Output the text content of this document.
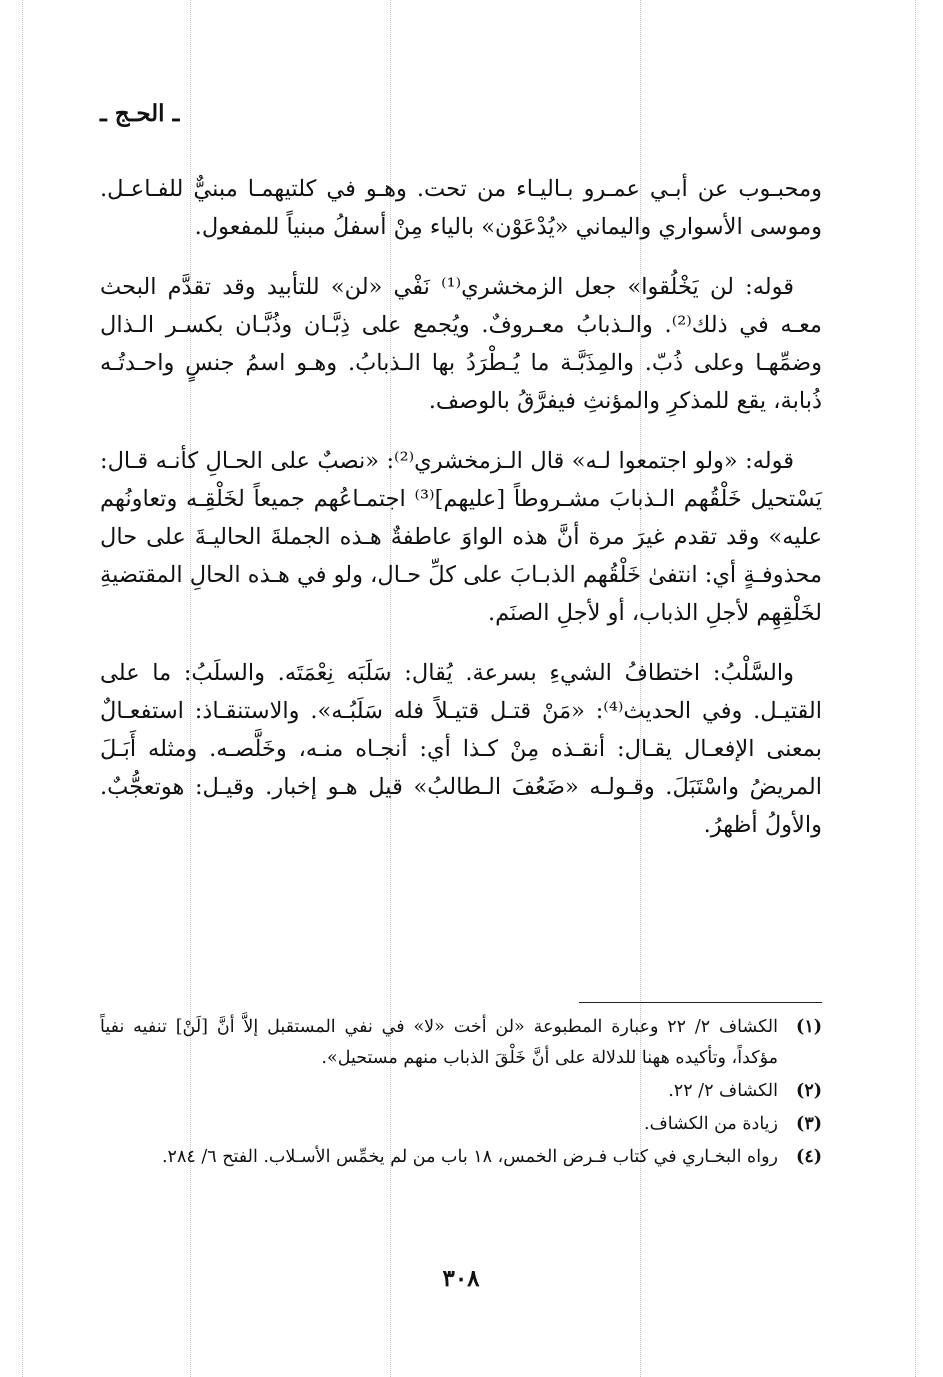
ـ الحـج ـ

ومحبـوب عن أبـي عمـرو بـاليـاء من تحت. وهـو في كلتيهمـا مبنيٌّ للفـاعـل. وموسى الأسواري واليماني «يُدْعَوْن» بالياء مِنْ أسفلُ مبنياً للمفعول.

قوله: لن يَخْلُقوا» جعل الزمخشري⁽¹⁾ نَفْي «لن» للتأبيد وقد تقدَّم البحث معـه في ذلك⁽²⁾. والـذبابُ معـروفٌ. ويُجمع على ذِبَّـان وذُبَّـان بكسـر الـذال وضمِّهـا وعلى ذُبّ. والمِذَبَّـة ما يُـطْرَدُ بها الـذبابُ. وهـو اسمُ جنسٍ واحـدتُـه ذُبابة، يقع للمذكرِ والمؤنثِ فيفرَّقُ بالوصف.

قوله: «ولو اجتمعوا لـه» قال الـزمخشري⁽²⁾: «نصبٌ على الحـالِ كأنـه قـال: يَسْتحيل خَلْقُهم الـذبابَ مشـروطاً [عليهم]⁽³⁾ اجتمـاعُهم جميعاً لخَلْقِـه وتعاونُهم عليه» وقد تقدم غيرَ مرة أنَّ هذه الواوَ عاطفةٌ هـذه الجملةَ الحاليـةَ على حال محذوفـةٍ أي: انتفىٰ خَلْقُهم الذبـابَ على كلِّ حـال، ولو في هـذه الحالِ المقتضيةِ لخَلْقِهِم لأجلِ الذباب، أو لأجلِ الصنَم.

والسَّلْبُ: اختطافُ الشيءِ بسرعة. يُقال: سَلَبَه نِعْمَتَه. والسلَبُ: ما على القتيـل. وفي الحديث⁽⁴⁾: «مَنْ قتـل قتيـلاً فله سَلَبُـه». والاستنقـاذ: استفعـالٌ بمعنى الإفعـال يقـال: أنقـذه مِنْ كـذا أي: أنجـاه منـه، وخَلَّصـه. ومثله أَبَـلَ المريضُ واسْتَبَلَ. وقـولـه «ضَعُفَ الـطالبُ» قيل هـو إخبار. وقيـل: هوتعجُّبٌ. والأولُ أظهرُ.

(١)
الكشاف ٢/ ٢٢ وعبارة المطبوعة «لن أخت «لا» في نفي المستقبل إلاَّ أنَّ [لَنْ] تنفيه نفياً مؤكداً، وتأكيده ههنا للدلالة على أنَّ خَلْقَ الذباب منهم مستحيل».
(٢)
الكشاف ٢/ ٢٢.
(٣)
زيادة من الكشاف.
(٤)
رواه البخـاري في كتاب فـرض الخمس، ١٨ باب من لم يخمِّس الأسـلاب. الفتح ٦/ ٢٨٤.
٣٠٨
